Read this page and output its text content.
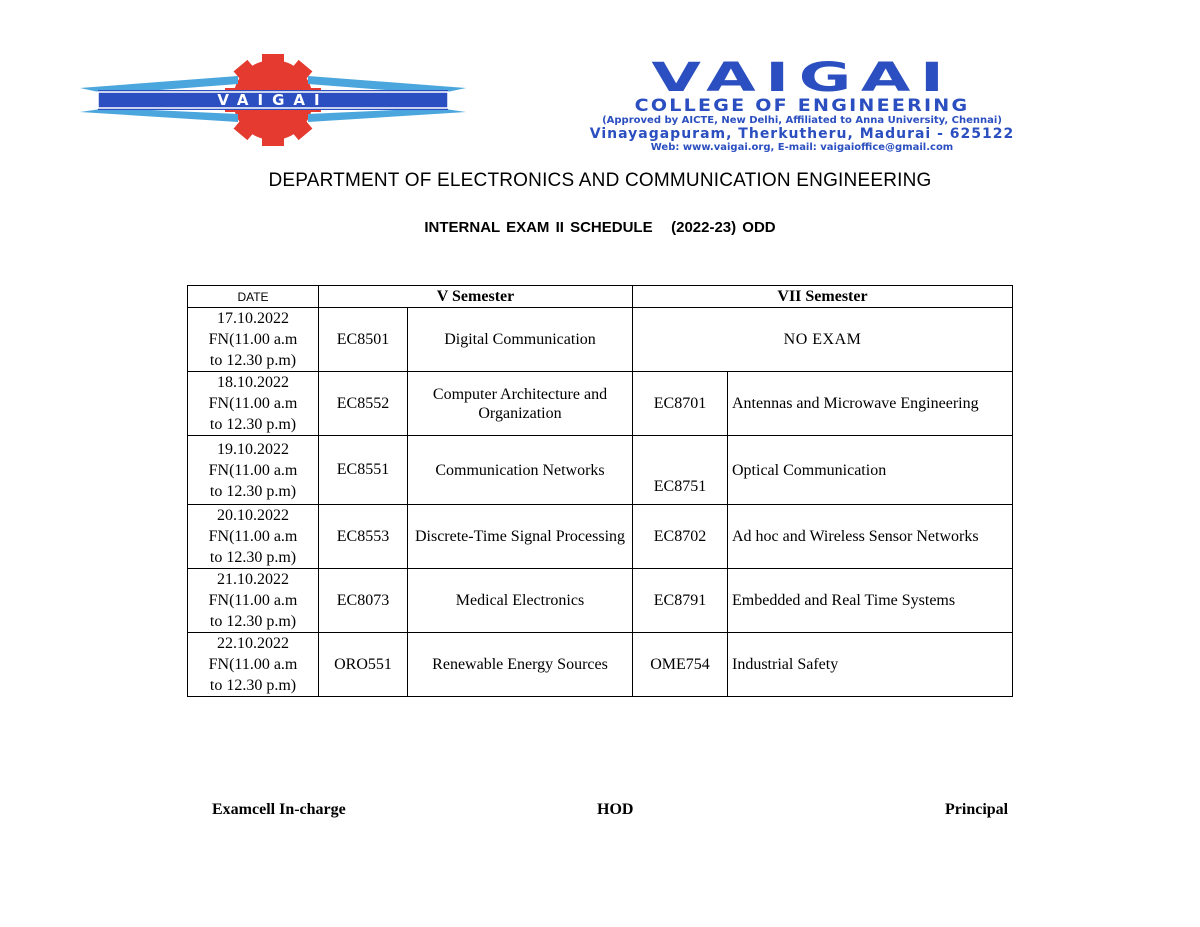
VAIGAI	VAIGAI
COLLEGE OF ENGINEERING
(Approved by AICTE, New Delhi, Affiliated to Anna University, Chennai)
Vinayagapuram, Therkutheru, Madurai - 625122
Web: www.vaigai.org, E-mail: vaigaioffice@gmail.com
DEPARTMENT OF ELECTRONICS AND COMMUNICATION ENGINEERING
INTERNAL EXAM II SCHEDULE   (2022-23) ODD
DATE	V Semester		VII Semester	

17.10.2022
FN(11.00 a.m
to 12.30 p.m)	EC8501	Digital Communication	NO EXAM	

18.10.2022
FN(11.00 a.m
to 12.30 p.m)	EC8552	Computer Architecture and Organization	EC8701	Antennas and Microwave Engineering

19.10.2022
FN(11.00 a.m
to 12.30 p.m)	EC8551	Communication Networks	EC8751	Optical Communication

20.10.2022
FN(11.00 a.m
to 12.30 p.m)	EC8553	Discrete-Time Signal Processing	EC8702	Ad hoc and Wireless Sensor Networks

21.10.2022
FN(11.00 a.m
to 12.30 p.m)	EC8073	Medical Electronics	EC8791	Embedded and Real Time Systems

22.10.2022
FN(11.00 a.m
to 12.30 p.m)	ORO551	Renewable Energy Sources	OME754	Industrial Safety
Examcell In-charge	HOD	Principal
